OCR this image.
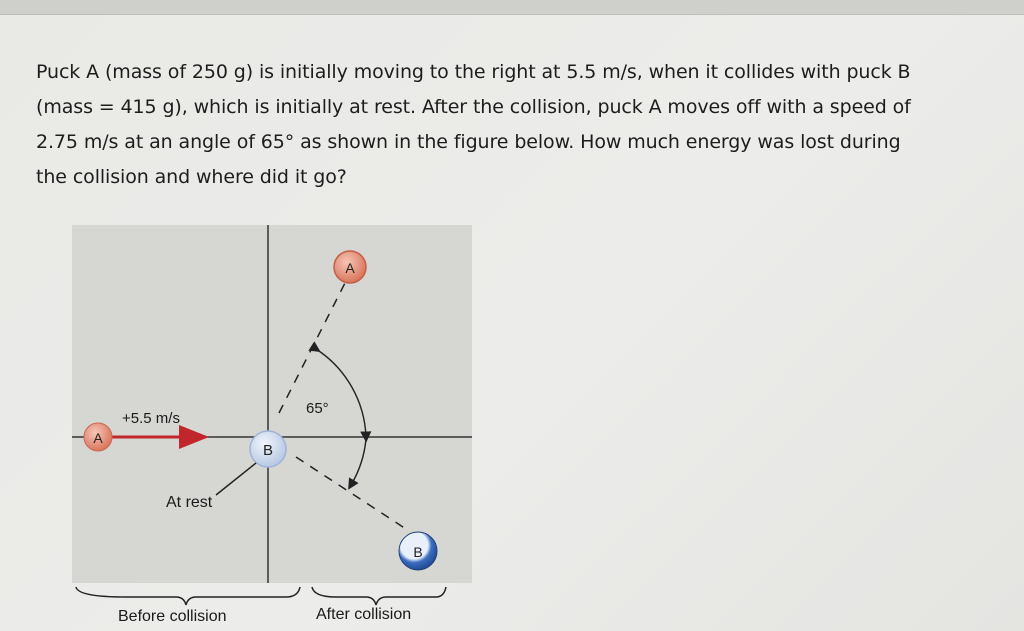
Puck A (mass of 250 g) is initially moving to the right at 5.5 m/s, when it collides with puck B
(mass = 415 g), which is initially at rest. After the collision, puck A moves off with a speed of
2.75 m/s at an angle of 65° as shown in the figure below. How much energy was lost during
the collision and where did it go?
A
+5.5 m/s
B
At rest
65°
A
B
Before collision	After collision
